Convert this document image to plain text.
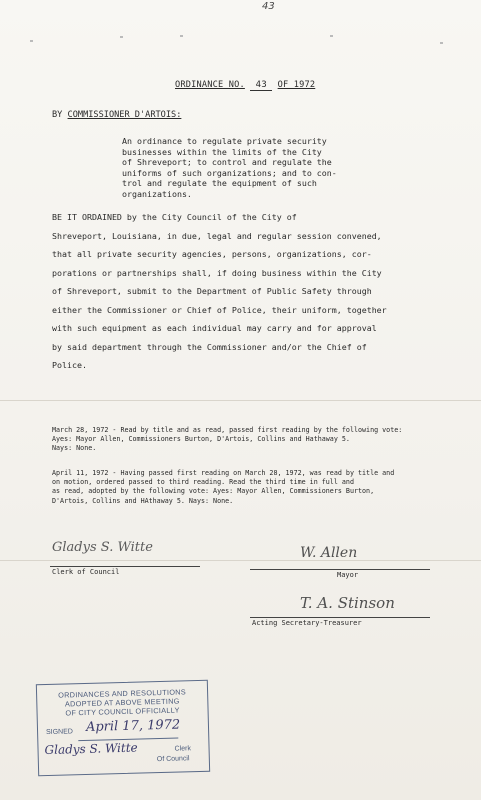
43
ORDINANCE NO. 43 OF 1972
BY COMMISSIONER D'ARTOIS:
An ordinance to regulate private security
businesses within the limits of the City
of Shreveport; to control and regulate the
uniforms of such organizations; and to con-
trol and regulate the equipment of such
organizations.
BE IT ORDAINED by the City Council of the City of
Shreveport, Louisiana, in due, legal and regular session convened,
that all private security agencies, persons, organizations, cor-
porations or partnerships shall, if doing business within the City
of Shreveport, submit to the Department of Public Safety through
either the Commissioner or Chief of Police, their uniform, together
with such equipment as each individual may carry and for approval
by said department through the Commissioner and/or the Chief of
Police.
March 28, 1972 - Read by title and as read, passed first reading by the following vote:
Ayes: Mayor Allen, Commissioners Burton, D'Artois, Collins and Hathaway 5.
Nays: None.
April 11, 1972 - Having passed first reading on March 28, 1972, was read by title and
on motion, ordered passed to third reading. Read the third time in full and
as read, adopted by the following vote: Ayes: Mayor Allen, Commissioners Burton,
D'Artois, Collins and HAthaway 5. Nays: None.
Gladys S. Witte
Clerk of Council
W. Allen
Mayor
T. A. Stinson
Acting Secretary-Treasurer
ORDINANCES AND RESOLUTIONS
ADOPTED AT ABOVE MEETING
OF CITY COUNCIL OFFICIALLY
SIGNED April 17, 1972
Gladys S. Witte	Clerk
Of Council
